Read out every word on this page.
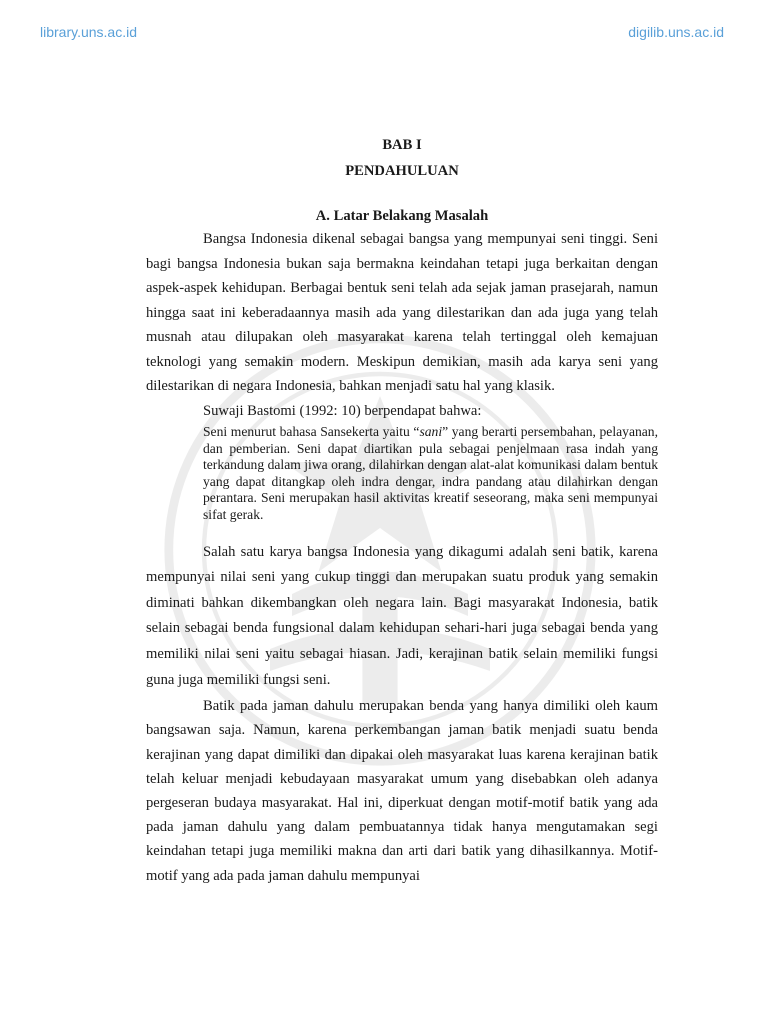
library.uns.ac.id	digilib.uns.ac.id
BAB I
PENDAHULUAN
A. Latar Belakang Masalah

Bangsa Indonesia dikenal sebagai bangsa yang mempunyai seni tinggi. Seni bagi bangsa Indonesia bukan saja bermakna keindahan tetapi juga berkaitan dengan aspek-aspek kehidupan. Berbagai bentuk seni telah ada sejak jaman prasejarah, namun hingga saat ini keberadaannya masih ada yang dilestarikan dan ada juga yang telah musnah atau dilupakan oleh masyarakat karena telah tertinggal oleh kemajuan teknologi yang semakin modern. Meskipun demikian, masih ada karya seni yang dilestarikan di negara Indonesia, bahkan menjadi satu hal yang klasik.

Suwaji Bastomi (1992: 10) berpendapat bahwa:

Seni menurut bahasa Sansekerta yaitu “sani” yang berarti persembahan, pelayanan, dan pemberian. Seni dapat diartikan pula sebagai penjelmaan rasa indah yang terkandung dalam jiwa orang, dilahirkan dengan alat-alat komunikasi dalam bentuk yang dapat ditangkap oleh indra dengar, indra pandang atau dilahirkan dengan perantara. Seni merupakan hasil aktivitas kreatif seseorang, maka seni mempunyai sifat gerak.

Salah satu karya bangsa Indonesia yang dikagumi adalah seni batik, karena mempunyai nilai seni yang cukup tinggi dan merupakan suatu produk yang semakin diminati bahkan dikembangkan oleh negara lain. Bagi masyarakat Indonesia, batik selain sebagai benda fungsional dalam kehidupan sehari-hari juga sebagai benda yang memiliki nilai seni yaitu sebagai hiasan. Jadi, kerajinan batik selain memiliki fungsi guna juga memiliki fungsi seni.

Batik pada jaman dahulu merupakan benda yang hanya dimiliki oleh kaum bangsawan saja. Namun, karena perkembangan jaman batik menjadi suatu benda kerajinan yang dapat dimiliki dan dipakai oleh masyarakat luas karena kerajinan batik telah keluar menjadi kebudayaan masyarakat umum yang disebabkan oleh adanya pergeseran budaya masyarakat. Hal ini, diperkuat dengan motif-motif batik yang ada pada jaman dahulu yang dalam pembuatannya tidak hanya mengutamakan segi keindahan tetapi juga memiliki makna dan arti dari batik yang dihasilkannya. Motif-motif yang ada pada jaman dahulu mempunyai
